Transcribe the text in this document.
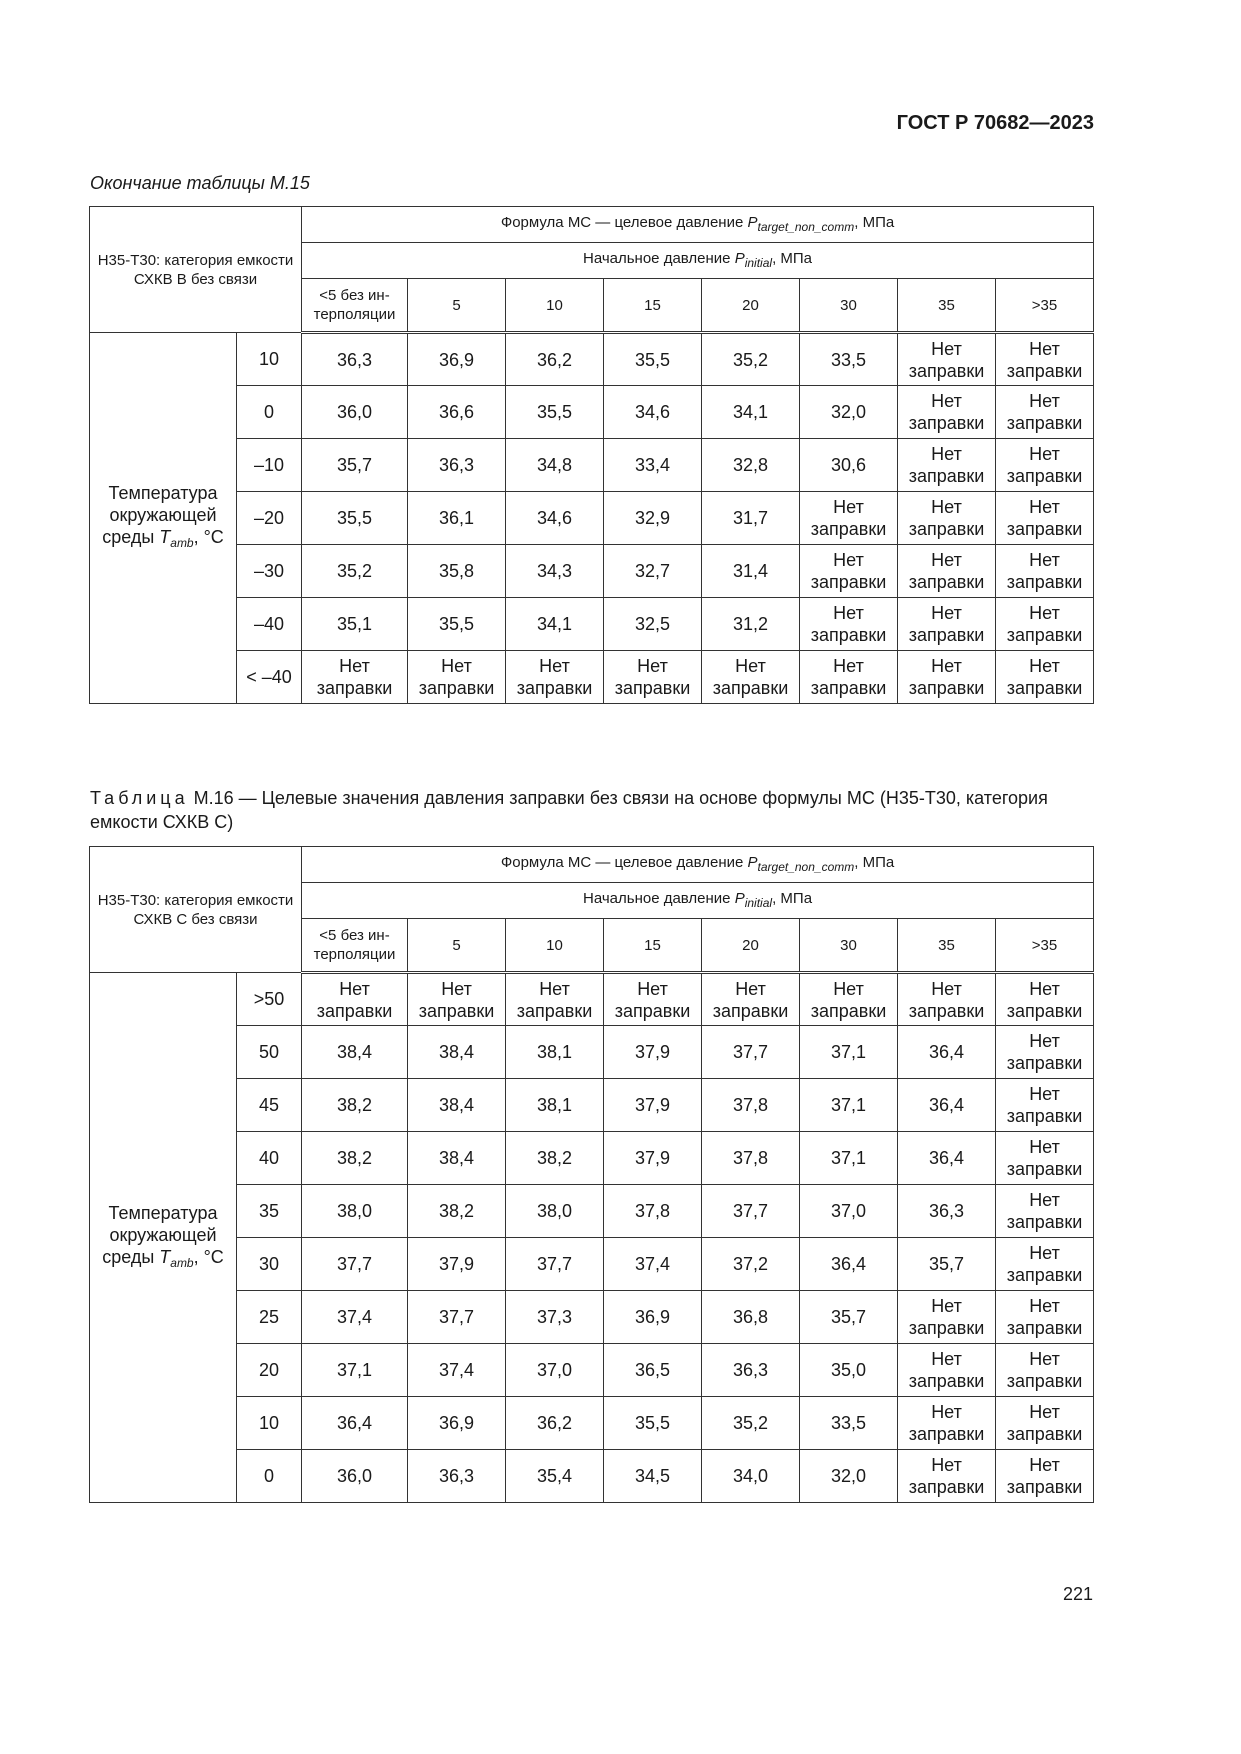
ГОСТ Р 70682—2023
Окончание таблицы М.15
Н35-Т30: категория емкости СХКВ В без связи		Формула МС — целевое давление $P_{target\_non\_comm}$, МПа							
		Начальное давление $P_{initial}$, МПа							
		<5 без ин-терполяции	5	10	15	20	30	35	>35
Температура окружающей среды $T_{amb}$, °С	10	36,3	36,9	36,2	35,5	35,2	33,5	Нет заправки	Нет заправки
	0	36,0	36,6	35,5	34,6	34,1	32,0	Нет заправки	Нет заправки
	–10	35,7	36,3	34,8	33,4	32,8	30,6	Нет заправки	Нет заправки
	–20	35,5	36,1	34,6	32,9	31,7	Нет заправки	Нет заправки	Нет заправки
	–30	35,2	35,8	34,3	32,7	31,4	Нет заправки	Нет заправки	Нет заправки
	–40	35,1	35,5	34,1	32,5	31,2	Нет заправки	Нет заправки	Нет заправки
	< –40	Нет заправки	Нет заправки	Нет заправки	Нет заправки	Нет заправки	Нет заправки	Нет заправки	Нет заправки
Таблица М.16 — Целевые значения давления заправки без связи на основе формулы МС (Н35-Т30, категория емкости СХКВ С)
Н35-Т30: категория емкости СХКВ С без связи		Формула МС — целевое давление $P_{target\_non\_comm}$, МПа							
		Начальное давление $P_{initial}$, МПа							
		<5 без ин-терполяции	5	10	15	20	30	35	>35
Температура окружающей среды $T_{amb}$, °С	>50	Нет заправки	Нет заправки	Нет заправки	Нет заправки	Нет заправки	Нет заправки	Нет заправки	Нет заправки
	50	38,4	38,4	38,1	37,9	37,7	37,1	36,4	Нет заправки
	45	38,2	38,4	38,1	37,9	37,8	37,1	36,4	Нет заправки
	40	38,2	38,4	38,2	37,9	37,8	37,1	36,4	Нет заправки
	35	38,0	38,2	38,0	37,8	37,7	37,0	36,3	Нет заправки
	30	37,7	37,9	37,7	37,4	37,2	36,4	35,7	Нет заправки
	25	37,4	37,7	37,3	36,9	36,8	35,7	Нет заправки	Нет заправки
	20	37,1	37,4	37,0	36,5	36,3	35,0	Нет заправки	Нет заправки
	10	36,4	36,9	36,2	35,5	35,2	33,5	Нет заправки	Нет заправки
	0	36,0	36,3	35,4	34,5	34,0	32,0	Нет заправки	Нет заправки
221
